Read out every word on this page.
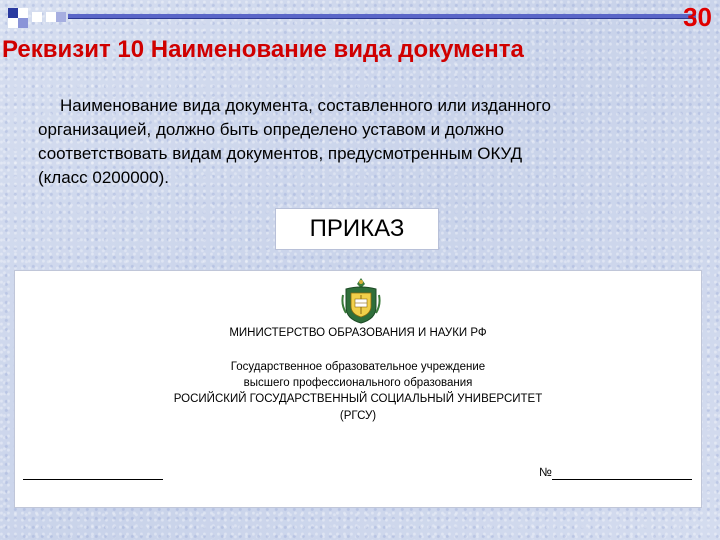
30
Реквизит 10 Наименование вида документа
Наименование вида документа, составленного или изданного
организацией, должно быть определено уставом и должно
соответствовать видам документов, предусмотренным ОКУД
(класс 0200000).
ПРИКАЗ
МИНИСТЕРСТВО ОБРАЗОВАНИЯ И НАУКИ РФ
Государственное образовательное учреждение
высшего профессионального образования
РОСИЙСКИЙ ГОСУДАРСТВЕННЫЙ СОЦИАЛЬНЫЙ УНИВЕРСИТЕТ
(РГСУ)
№
